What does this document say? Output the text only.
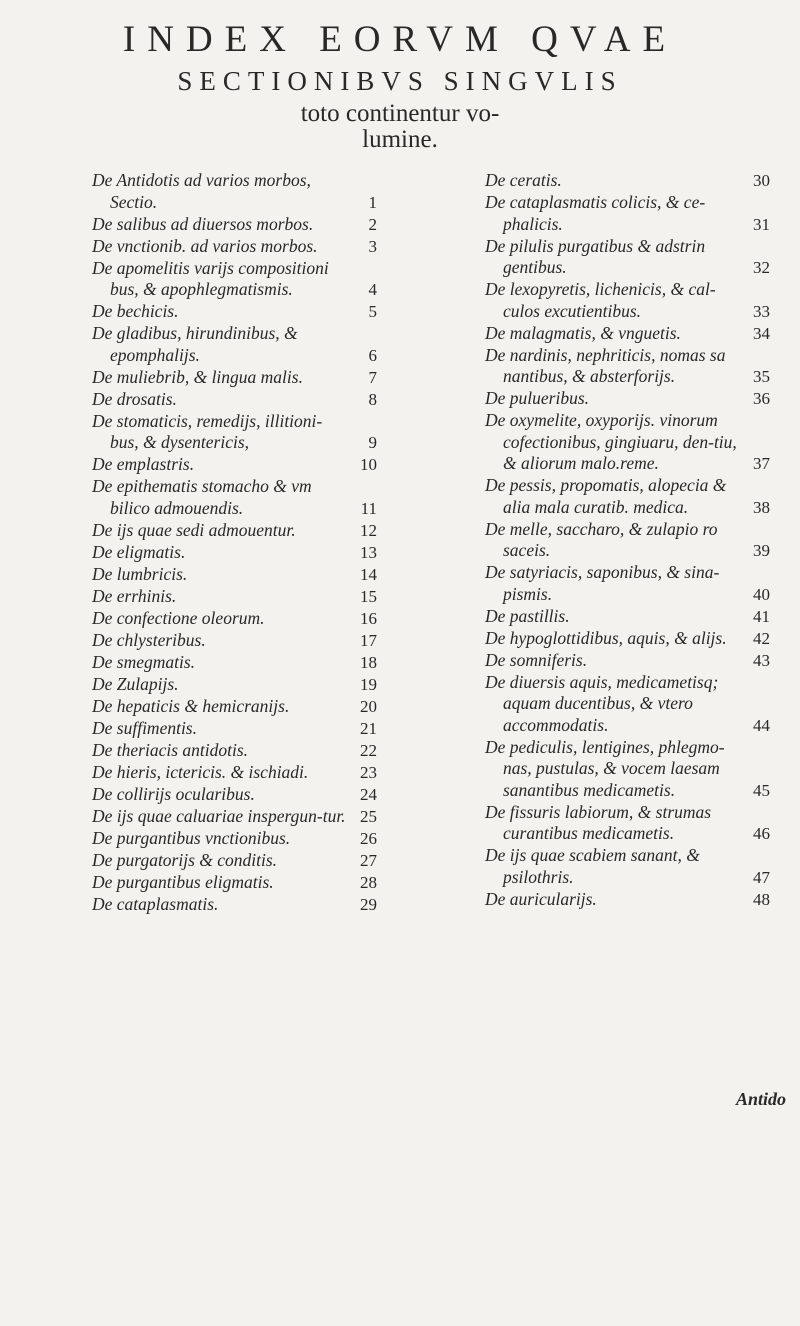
INDEX EORVM QVAE
SECTIONIBVS SINGVLIS
toto continentur vo-
lumine.
De Antidotis ad varios morbos, Sectio.	1
De salibus ad diuersos morbos.	2
De vnctionib. ad varios morbos.	3
De apomelitis varijs compositioni bus, & apophlegmatismis.	4
De bechicis.	5
De gladibus, hirundinibus, & epomphalijs.	6
De muliebrib, & lingua malis.	7
De drosatis.	8
De stomaticis, remedijs, illitioni-bus, & dysentericis,	9
De emplastris.	10
De epithematis stomacho & vm bilico admouendis.	11
De ijs quae sedi admouentur.	12
De eligmatis.	13
De lumbricis.	14
De errhinis.	15
De confectione oleorum.	16
De chlysteribus.	17
De smegmatis.	18
De Zulapijs.	19
De hepaticis & hemicranijs.	20
De suffimentis.	21
De theriacis antidotis.	22
De hieris, ictericis. & ischiadi.	23
De collirijs ocularibus.	24
De ijs quae caluariae inspergun-tur. 25
De purgantibus vnctionibus.	26
De purgatorijs & conditis.	27
De purgantibus eligmatis.	28
De cataplasmatis.	29
De ceratis.	30
De cataplasmatis colicis, & ce-phalicis.	31
De pilulis purgatibus & adstrin gentibus.	32
De lexopyretis, lichenicis, & cal-culos excutientibus.	33
De malagmatis, & vnguetis.	34
De nardinis, nephriticis, nomas sa nantibus, & absterforijs.	35
De pulueribus.	36
De oxymelite, oxyporijs. vinorum cofectionibus, gingiuaru, den-tiu, & aliorum malo.reme.	37
De pessis, propomatis, alopecia & alia mala curatib. medica.	38
De melle, saccharo, & zulapio ro saceis.	39
De satyriacis, saponibus, & sina-pismis.	40
De pastillis.	41
De hypoglottidibus, aquis, & alijs.	42
De somniferis.	43
De diuersis aquis, medicametisq; aquam ducentibus, & vtero accommodatis.	44
De pediculis, lentigines, phlegmo-nas, pustulas, & vocem laesam sanantibus medicametis.	45
De fissuris labiorum, & strumas curantibus medicametis.	46
De ijs quae scabiem sanant, & psilothris.	47
De auricularijs.	48
Antido
